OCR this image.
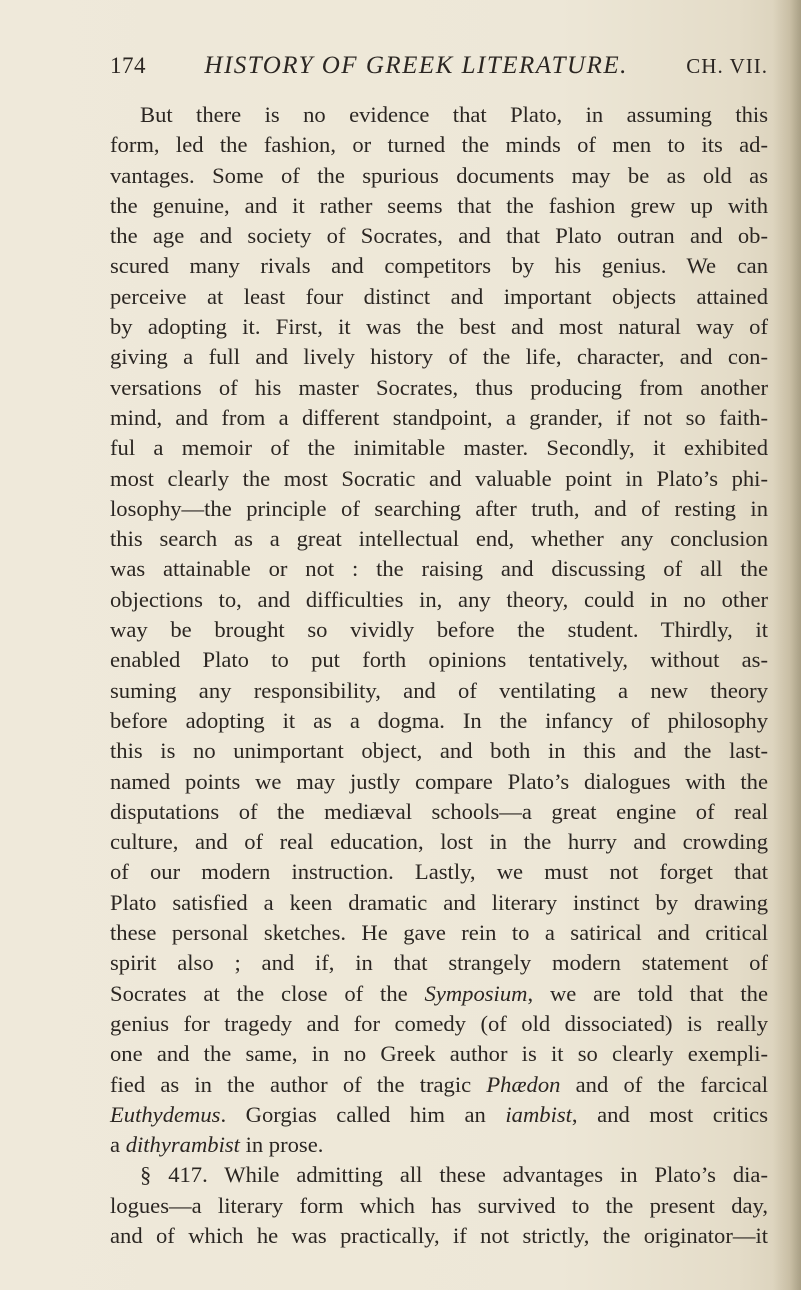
174 HISTORY OF GREEK LITERATURE.	CH. VII.
But there is no evidence that Plato, in assuming this
form, led the fashion, or turned the minds of men to its ad-
vantages. Some of the spurious documents may be as old as
the genuine, and it rather seems that the fashion grew up with
the age and society of Socrates, and that Plato outran and ob-
scured many rivals and competitors by his genius. We can
perceive at least four distinct and important objects attained
by adopting it. First, it was the best and most natural way of
giving a full and lively history of the life, character, and con-
versations of his master Socrates, thus producing from another
mind, and from a different standpoint, a grander, if not so faith-
ful a memoir of the inimitable master. Secondly, it exhibited
most clearly the most Socratic and valuable point in Plato’s phi-
losophy—the principle of searching after truth, and of resting in
this search as a great intellectual end, whether any conclusion
was attainable or not : the raising and discussing of all the
objections to, and difficulties in, any theory, could in no other
way be brought so vividly before the student. Thirdly, it
enabled Plato to put forth opinions tentatively, without as-
suming any responsibility, and of ventilating a new theory
before adopting it as a dogma. In the infancy of philosophy
this is no unimportant object, and both in this and the last-
named points we may justly compare Plato’s dialogues with the
disputations of the mediæval schools—a great engine of real
culture, and of real education, lost in the hurry and crowding
of our modern instruction. Lastly, we must not forget that
Plato satisfied a keen dramatic and literary instinct by drawing
these personal sketches. He gave rein to a satirical and critical
spirit also ; and if, in that strangely modern statement of
Socrates at the close of the Symposium, we are told that the
genius for tragedy and for comedy (of old dissociated) is really
one and the same, in no Greek author is it so clearly exempli-
fied as in the author of the tragic Phædon and of the farcical
Euthydemus. Gorgias called him an iambist, and most critics
a dithyrambist in prose.
§ 417. While admitting all these advantages in Plato’s dia-
logues—a literary form which has survived to the present day,
and of which he was practically, if not strictly, the originator—it
